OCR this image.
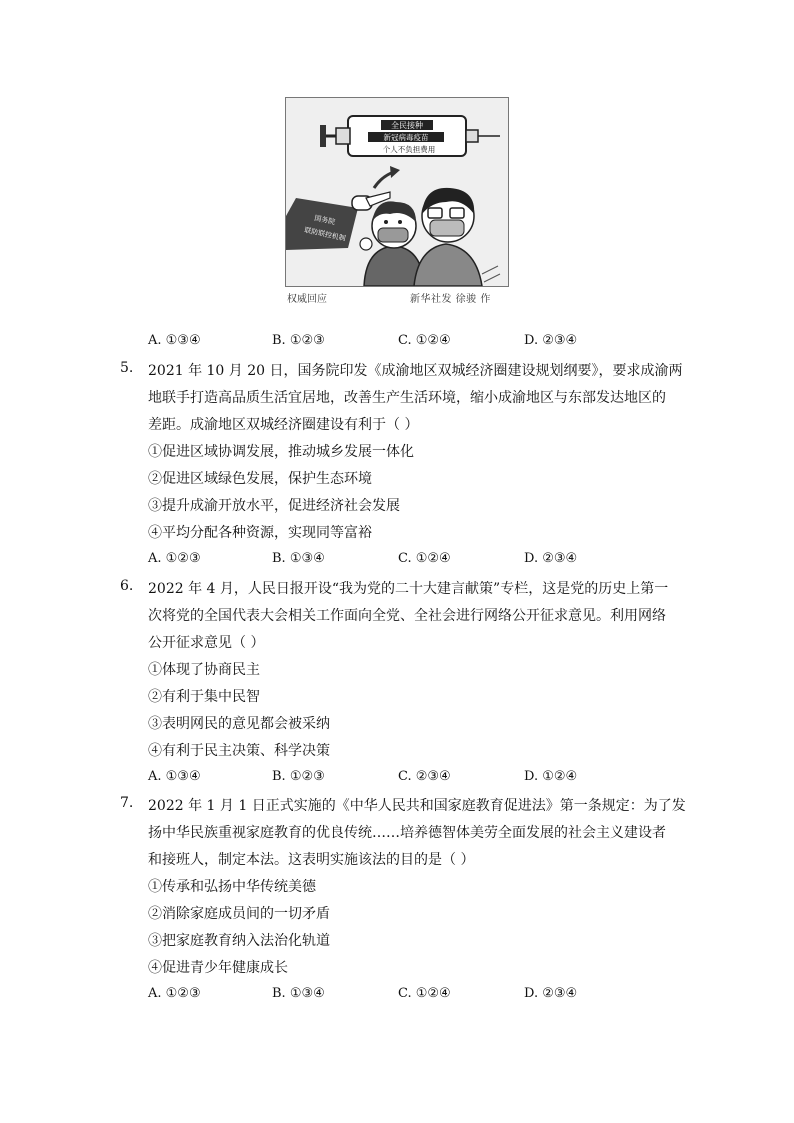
全民接种
新冠病毒疫苗
个人不负担费用
国务院
联防联控机制
权威回应	新华社发 徐骏 作
A. ①③④	B. ①②③	C. ①②④	D. ②③④
5. 2021 年 10 月 20 日，国务院印发《成渝地区双城经济圈建设规划纲要》，要求成渝两
地联手打造高品质生活宜居地，改善生产生活环境，缩小成渝地区与东部发达地区的
差距。成渝地区双城经济圈建设有利于（ ）
①促进区域协调发展，推动城乡发展一体化
②促进区域绿色发展，保护生态环境
③提升成渝开放水平，促进经济社会发展
④平均分配各种资源，实现同等富裕
A. ①②③	B. ①③④	C. ①②④	D. ②③④
6. 2022 年 4 月，人民日报开设“我为党的二十大建言献策”专栏，这是党的历史上第一
次将党的全国代表大会相关工作面向全党、全社会进行网络公开征求意见。利用网络
公开征求意见（ ）
①体现了协商民主
②有利于集中民智
③表明网民的意见都会被采纳
④有利于民主决策、科学决策
A. ①③④	B. ①②③	C. ②③④	D. ①②④
7. 2022 年 1 月 1 日正式实施的《中华人民共和国家庭教育促进法》第一条规定：为了发
扬中华民族重视家庭教育的优良传统……培养德智体美劳全面发展的社会主义建设者
和接班人，制定本法。这表明实施该法的目的是（ ）
①传承和弘扬中华传统美德
②消除家庭成员间的一切矛盾
③把家庭教育纳入法治化轨道
④促进青少年健康成长
A. ①②③	B. ①③④	C. ①②④	D. ②③④
